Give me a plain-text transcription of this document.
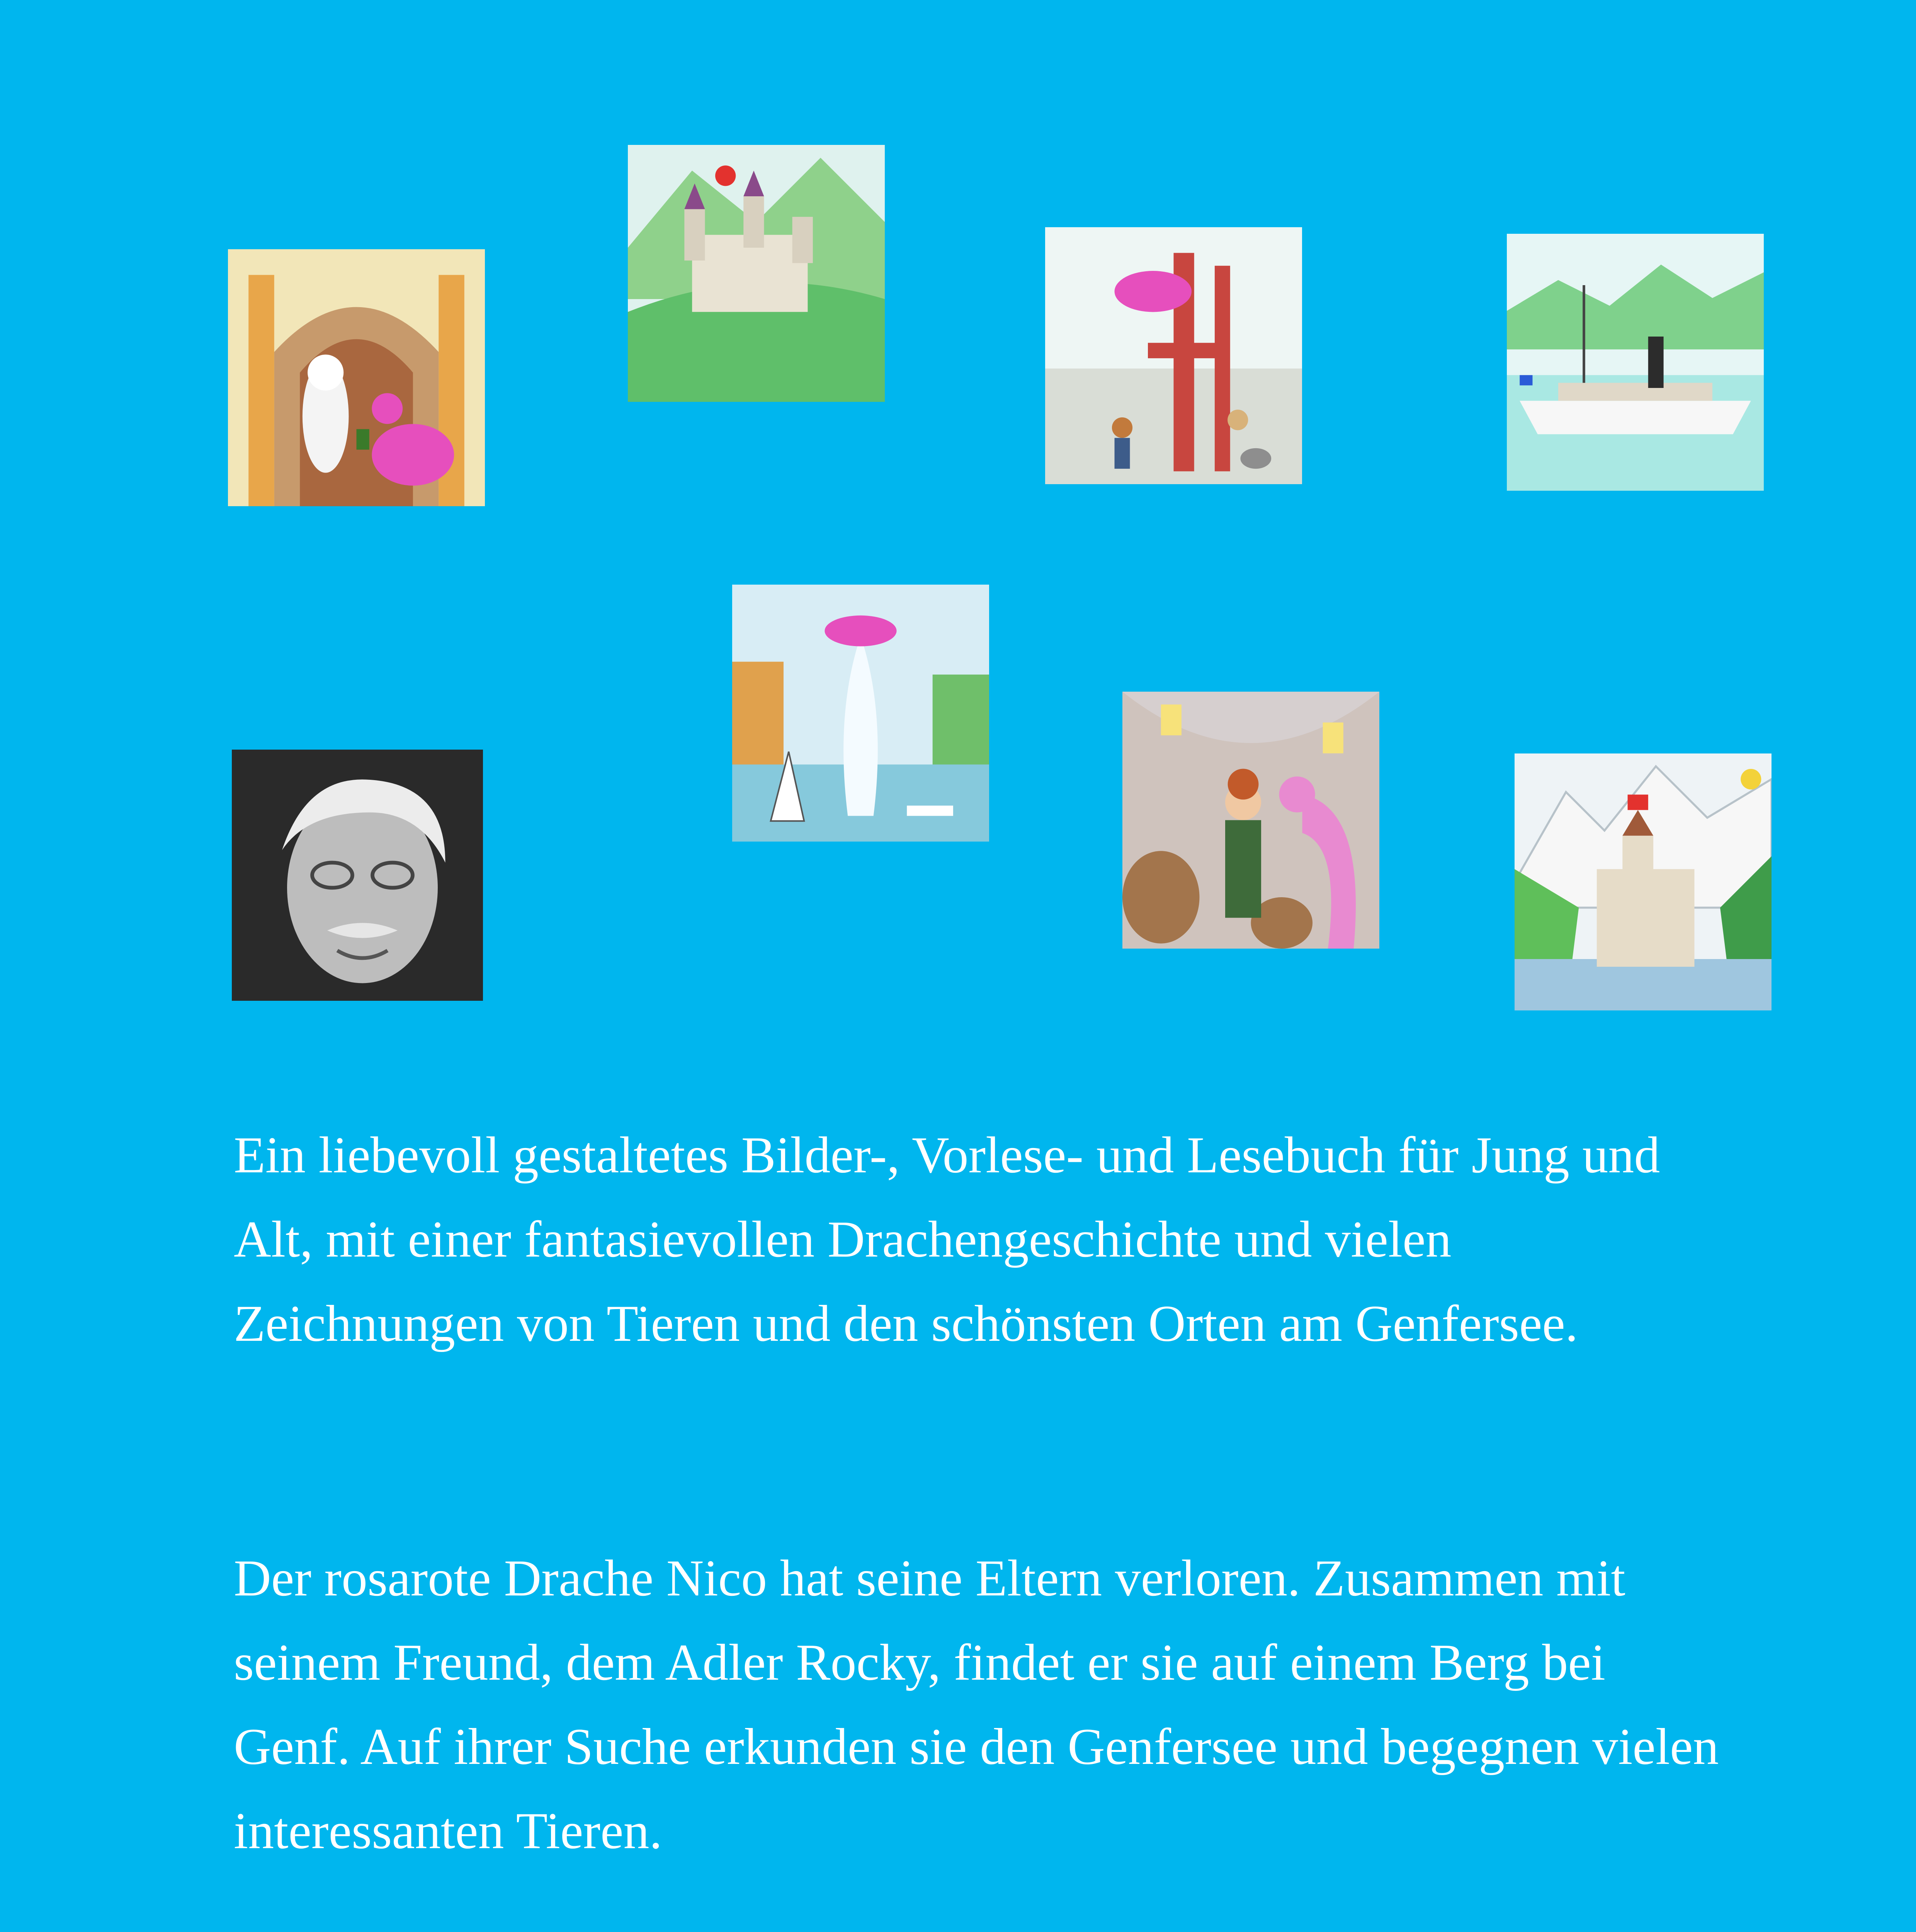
Ein liebevoll gestaltetes Bilder-, Vorlese- und Lesebuch für Jung und Alt, mit einer fantasievollen Drachengeschichte und vielen Zeichnungen von Tieren und den schönsten Orten am Genfersee.

Der rosarote Drache Nico hat seine Eltern verloren. Zusammen mit seinem Freund, dem Adler Rocky, findet er sie auf einem Berg bei Genf. Auf ihrer Suche erkunden sie den Genfersee und begegnen vielen interessanten Tieren.
